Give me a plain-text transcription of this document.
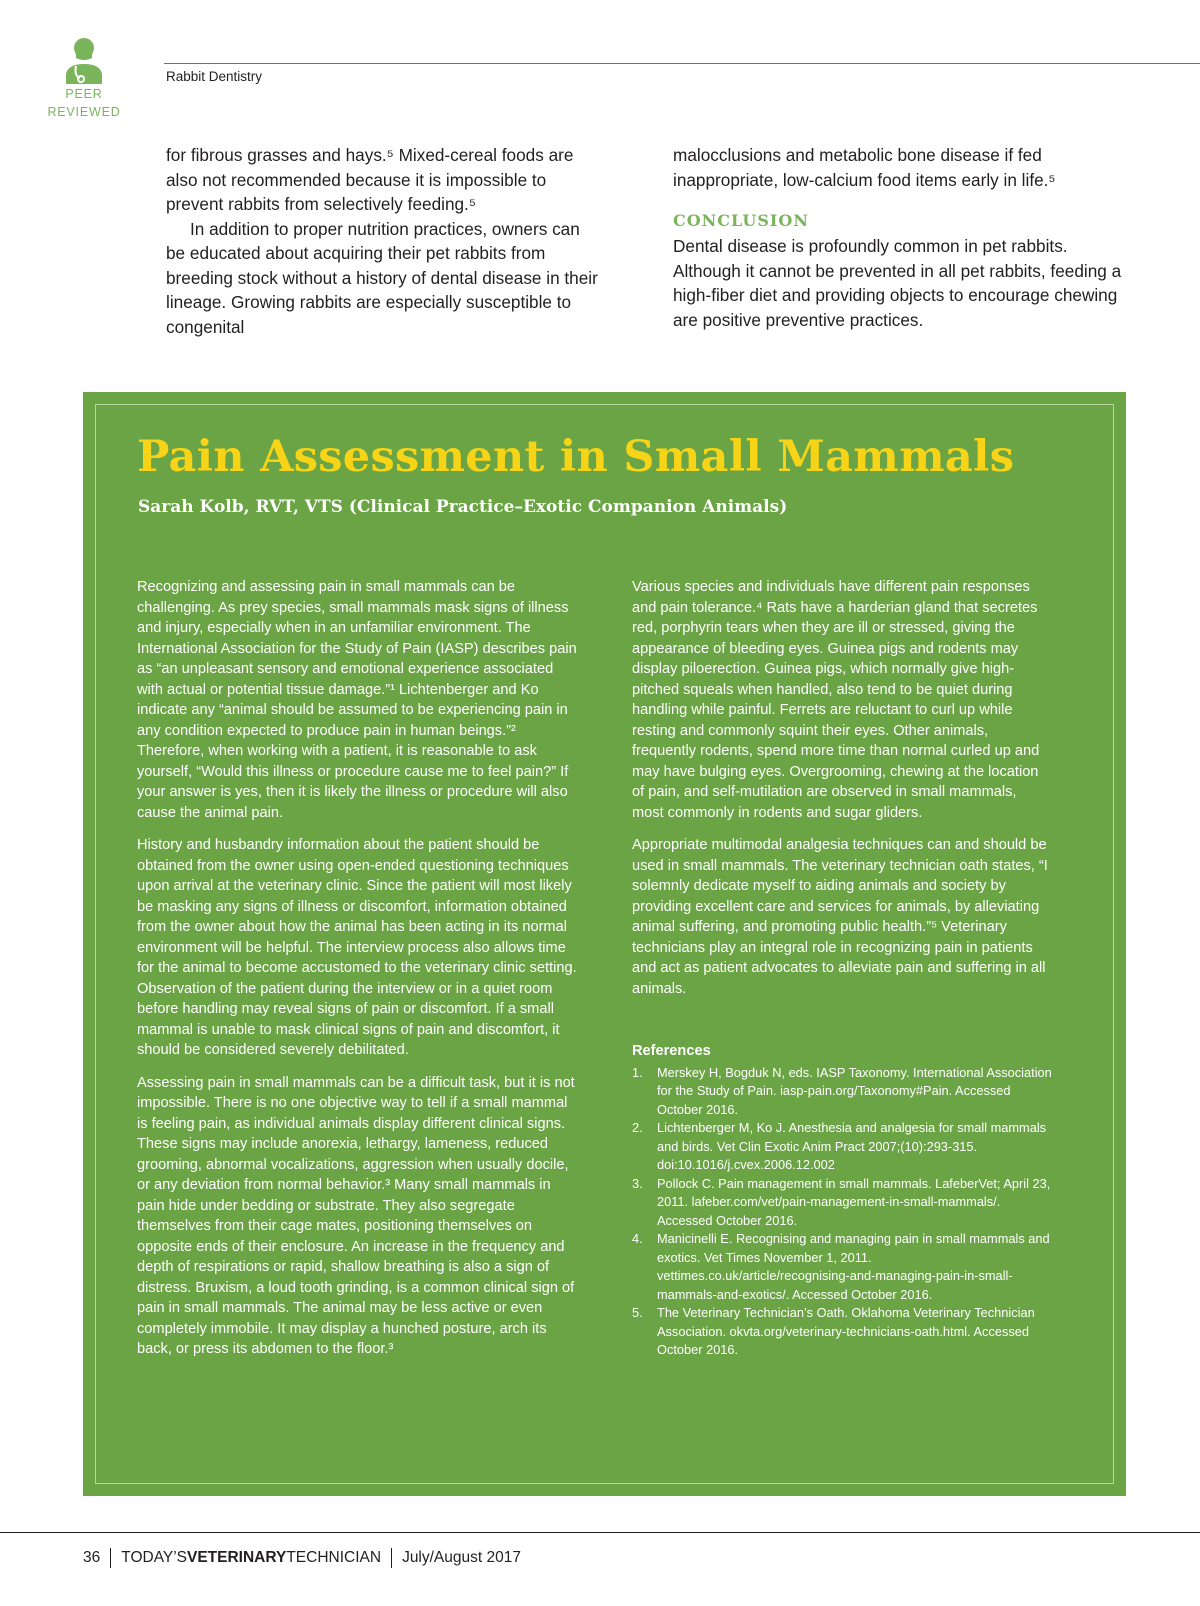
PEER
REVIEWED
Rabbit Dentistry

for fibrous grasses and hays.⁵ Mixed-cereal foods are also not recommended because it is impossible to prevent rabbits from selectively feeding.⁵

In addition to proper nutrition practices, owners can be educated about acquiring their pet rabbits from breeding stock without a history of dental disease in their lineage. Growing rabbits are especially susceptible to congenital

malocclusions and metabolic bone disease if fed inappropriate, low-calcium food items early in life.⁵

CONCLUSION

Dental disease is profoundly common in pet rabbits. Although it cannot be prevented in all pet rabbits, feeding a high-fiber diet and providing objects to encourage chewing are positive preventive practices.

Pain Assessment in Small Mammals
Sarah Kolb, RVT, VTS (Clinical Practice–Exotic Companion Animals)

Recognizing and assessing pain in small mammals can be challenging. As prey species, small mammals mask signs of illness and injury, especially when in an unfamiliar environment. The International Association for the Study of Pain (IASP) describes pain as “an unpleasant sensory and emotional experience associated with actual or potential tissue damage.”¹ Lichtenberger and Ko indicate any “animal should be assumed to be experiencing pain in any condition expected to produce pain in human beings.”² Therefore, when working with a patient, it is reasonable to ask yourself, “Would this illness or procedure cause me to feel pain?” If your answer is yes, then it is likely the illness or procedure will also cause the animal pain.

History and husbandry information about the patient should be obtained from the owner using open-ended questioning techniques upon arrival at the veterinary clinic. Since the patient will most likely be masking any signs of illness or discomfort, information obtained from the owner about how the animal has been acting in its normal environment will be helpful. The interview process also allows time for the animal to become accustomed to the veterinary clinic setting. Observation of the patient during the interview or in a quiet room before handling may reveal signs of pain or discomfort. If a small mammal is unable to mask clinical signs of pain and discomfort, it should be considered severely debilitated.

Assessing pain in small mammals can be a difficult task, but it is not impossible. There is no one objective way to tell if a small mammal is feeling pain, as individual animals display different clinical signs. These signs may include anorexia, lethargy, lameness, reduced grooming, abnormal vocalizations, aggression when usually docile, or any deviation from normal behavior.³ Many small mammals in pain hide under bedding or substrate. They also segregate themselves from their cage mates, positioning themselves on opposite ends of their enclosure. An increase in the frequency and depth of respirations or rapid, shallow breathing is also a sign of distress. Bruxism, a loud tooth grinding, is a common clinical sign of pain in small mammals. The animal may be less active or even completely immobile. It may display a hunched posture, arch its back, or press its abdomen to the floor.³

Various species and individuals have different pain responses and pain tolerance.⁴ Rats have a harderian gland that secretes red, porphyrin tears when they are ill or stressed, giving the appearance of bleeding eyes. Guinea pigs and rodents may display piloerection. Guinea pigs, which normally give high-pitched squeals when handled, also tend to be quiet during handling while painful. Ferrets are reluctant to curl up while resting and commonly squint their eyes. Other animals, frequently rodents, spend more time than normal curled up and may have bulging eyes. Overgrooming, chewing at the location of pain, and self-mutilation are observed in small mammals, most commonly in rodents and sugar gliders.

Appropriate multimodal analgesia techniques can and should be used in small mammals. The veterinary technician oath states, “I solemnly dedicate myself to aiding animals and society by providing excellent care and services for animals, by alleviating animal suffering, and promoting public health.”⁵ Veterinary technicians play an integral role in recognizing pain in patients and act as patient advocates to alleviate pain and suffering in all animals.

References
1.	Merskey H, Bogduk N, eds. IASP Taxonomy. International Association for the Study of Pain. iasp-pain.org/Taxonomy#Pain. Accessed October 2016.
2.	Lichtenberger M, Ko J. Anesthesia and analgesia for small mammals and birds. Vet Clin Exotic Anim Pract 2007;(10):293-315. doi:10.1016/j.cvex.2006.12.002
3.	Pollock C. Pain management in small mammals. LafeberVet; April 23, 2011. lafeber.com/vet/pain-management-in-small-mammals/. Accessed October 2016.
4.	Manicinelli E. Recognising and managing pain in small mammals and exotics. Vet Times November 1, 2011. vettimes.co.uk/article/recognising-and-managing-pain-in-small-mammals-and-exotics/. Accessed October 2016.
5.	The Veterinary Technician’s Oath. Oklahoma Veterinary Technician Association. okvta.org/veterinary-technicians-oath.html. Accessed October 2016.
36 TODAY’SVETERINARYTECHNICIAN July/August 2017
